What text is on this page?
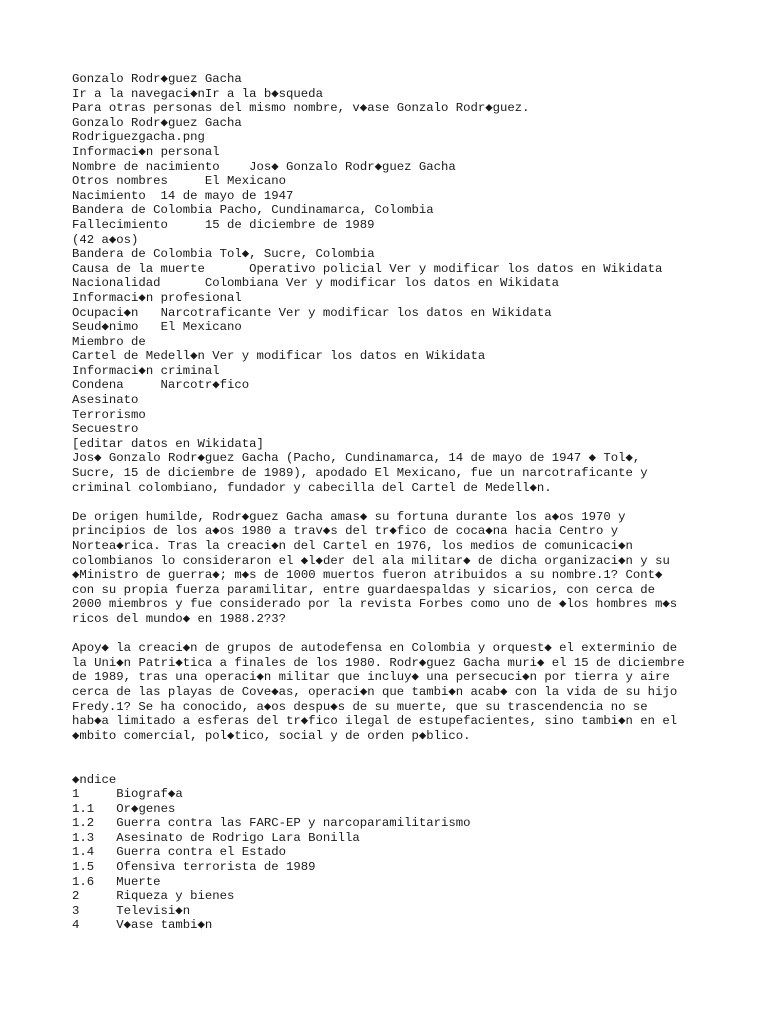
Gonzalo Rodr◆guez Gacha
Ir a la navegaci◆nIr a la b◆squeda
Para otras personas del mismo nombre, v◆ase Gonzalo Rodr◆guez.
Gonzalo Rodr◆guez Gacha
Rodriguezgacha.png
Informaci◆n personal
Nombre de nacimiento    Jos◆ Gonzalo Rodr◆guez Gacha
Otros nombres     El Mexicano
Nacimiento  14 de mayo de 1947
Bandera de Colombia Pacho, Cundinamarca, Colombia
Fallecimiento     15 de diciembre de 1989
(42 a◆os)
Bandera de Colombia Tol◆, Sucre, Colombia
Causa de la muerte      Operativo policial Ver y modificar los datos en Wikidata
Nacionalidad      Colombiana Ver y modificar los datos en Wikidata
Informaci◆n profesional
Ocupaci◆n   Narcotraficante Ver y modificar los datos en Wikidata
Seud◆nimo   El Mexicano
Miembro de
Cartel de Medell◆n Ver y modificar los datos en Wikidata
Informaci◆n criminal
Condena     Narcotr◆fico
Asesinato
Terrorismo
Secuestro
[editar datos en Wikidata]
Jos◆ Gonzalo Rodr◆guez Gacha (Pacho, Cundinamarca, 14 de mayo de 1947 ◆ Tol◆,
Sucre, 15 de diciembre de 1989), apodado El Mexicano, fue un narcotraficante y
criminal colombiano, fundador y cabecilla del Cartel de Medell◆n.
De origen humilde, Rodr◆guez Gacha amas◆ su fortuna durante los a◆os 1970 y
principios de los a◆os 1980 a trav◆s del tr◆fico de coca◆na hacia Centro y
Nortea◆rica. Tras la creaci◆n del Cartel en 1976, los medios de comunicaci◆n
colombianos lo consideraron el ◆l◆der del ala militar◆ de dicha organizaci◆n y su
◆Ministro de guerra◆; m◆s de 1000 muertos fueron atribuidos a su nombre.1? Cont◆
con su propia fuerza paramilitar, entre guardaespaldas y sicarios, con cerca de
2000 miembros y fue considerado por la revista Forbes como uno de ◆los hombres m◆s
ricos del mundo◆ en 1988.2?3?
Apoy◆ la creaci◆n de grupos de autodefensa en Colombia y orquest◆ el exterminio de
la Uni◆n Patri◆tica a finales de los 1980. Rodr◆guez Gacha muri◆ el 15 de diciembre
de 1989, tras una operaci◆n militar que incluy◆ una persecuci◆n por tierra y aire
cerca de las playas de Cove◆as, operaci◆n que tambi◆n acab◆ con la vida de su hijo
Fredy.1? Se ha conocido, a◆os despu◆s de su muerte, que su trascendencia no se
hab◆a limitado a esferas del tr◆fico ilegal de estupefacientes, sino tambi◆n en el
◆mbito comercial, pol◆tico, social y de orden p◆blico.
◆ndice
1     Biograf◆a
1.1   Or◆genes
1.2   Guerra contra las FARC-EP y narcoparamilitarismo
1.3   Asesinato de Rodrigo Lara Bonilla
1.4   Guerra contra el Estado
1.5   Ofensiva terrorista de 1989
1.6   Muerte
2     Riqueza y bienes
3     Televisi◆n
4     V◆ase tambi◆n
